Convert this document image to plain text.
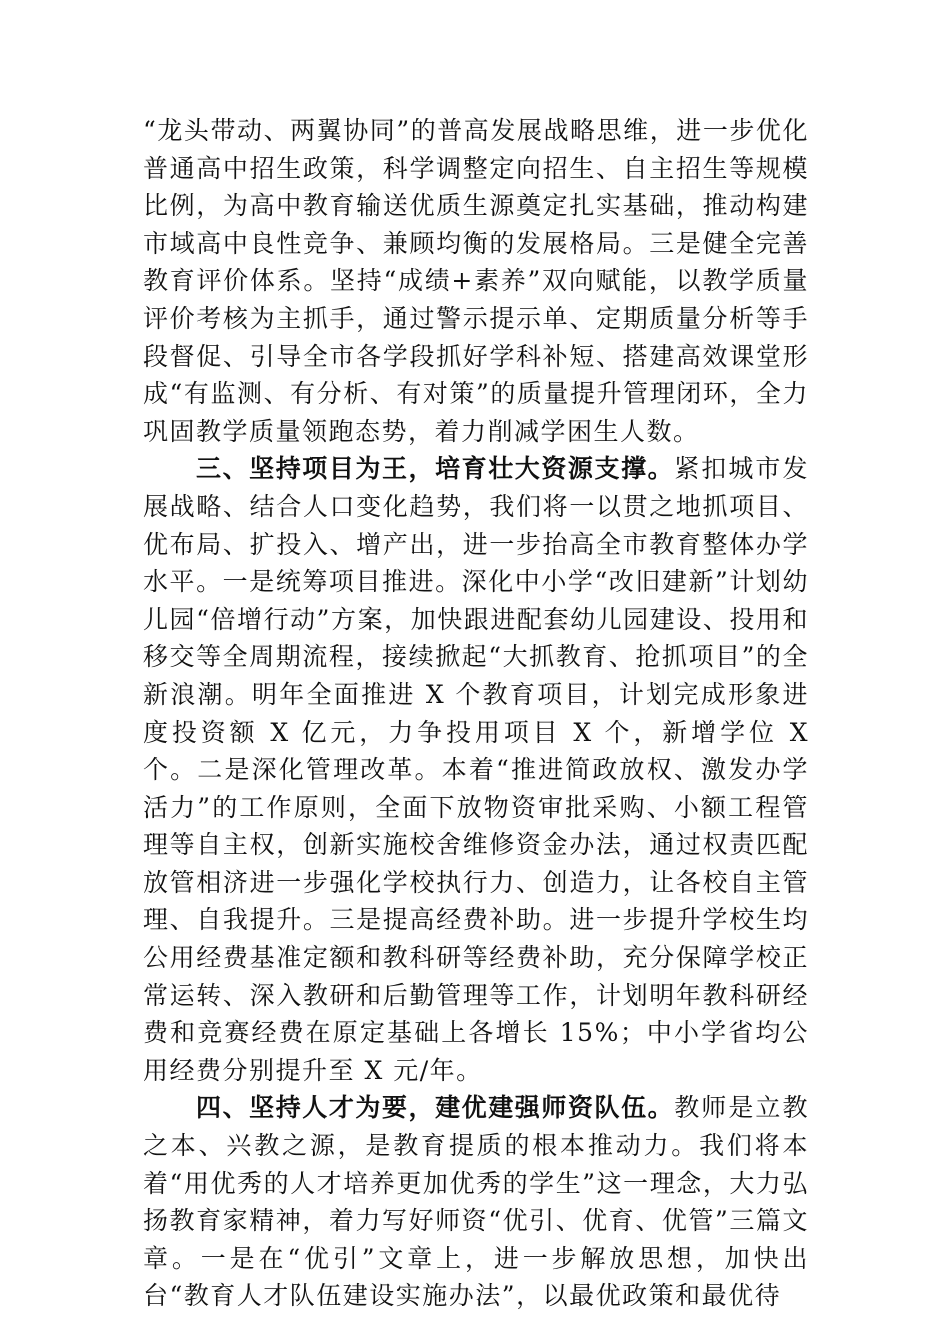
“龙头带动、两翼协同”的普高发展战略思维，进一步优化普通高中招生政策，科学调整定向招生、自主招生等规模比例，为高中教育输送优质生源奠定扎实基础，推动构建市域高中良性竞争、兼顾均衡的发展格局。三是健全完善教育评价体系。坚持“成绩+素养”双向赋能，以教学质量评价考核为主抓手，通过警示提示单、定期质量分析等手段督促、引导全市各学段抓好学科补短、搭建高效课堂形成“有监测、有分析、有对策”的质量提升管理闭环，全力巩固教学质量领跑态势，着力削减学困生人数。

三、坚持项目为王，培育壮大资源支撑。紧扣城市发展战略、结合人口变化趋势，我们将一以贯之地抓项目、优布局、扩投入、增产出，进一步抬高全市教育整体办学水平。一是统筹项目推进。深化中小学“改旧建新”计划幼儿园“倍增行动”方案，加快跟进配套幼儿园建设、投用和移交等全周期流程，接续掀起“大抓教育、抢抓项目”的全新浪潮。明年全面推进 X 个教育项目，计划完成形象进度投资额 X 亿元，力争投用项目 X 个，新增学位 X 个。二是深化管理改革。本着“推进简政放权、激发办学活力”的工作原则，全面下放物资审批采购、小额工程管理等自主权，创新实施校舍维修资金办法，通过权责匹配放管相济进一步强化学校执行力、创造力，让各校自主管理、自我提升。三是提高经费补助。进一步提升学校生均公用经费基准定额和教科研等经费补助，充分保障学校正常运转、深入教研和后勤管理等工作，计划明年教科研经费和竞赛经费在原定基础上各增长 15%；中小学省均公用经费分别提升至 X 元/年。

四、坚持人才为要，建优建强师资队伍。教师是立教之本、兴教之源，是教育提质的根本推动力。我们将本着“用优秀的人才培养更加优秀的学生”这一理念，大力弘扬教育家精神，着力写好师资“优引、优育、优管”三篇文章。一是在“优引”文章上，进一步解放思想，加快出台“教育人才队伍建设实施办法”，以最优政策和最优待
